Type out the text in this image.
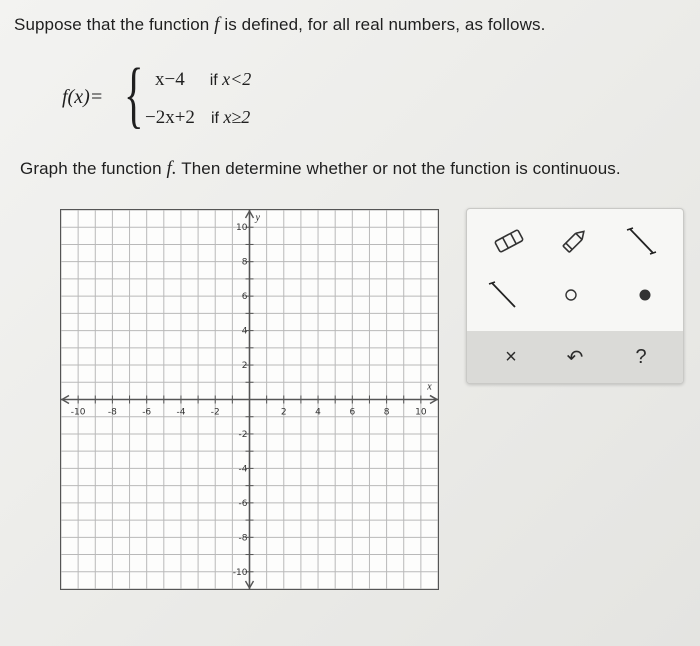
Suppose that the function f is defined, for all real numbers, as follows.
f(x)= { x−4 if x<2
−2x+2 if x≥2
Graph the function f. Then determine whether or not the function is continuous.
-10 -8	-6	-4	-2	2	4	6	8	10
10
8
6
4
2
-2
-4
-6
-8
-10
x
y
× ↶	?
